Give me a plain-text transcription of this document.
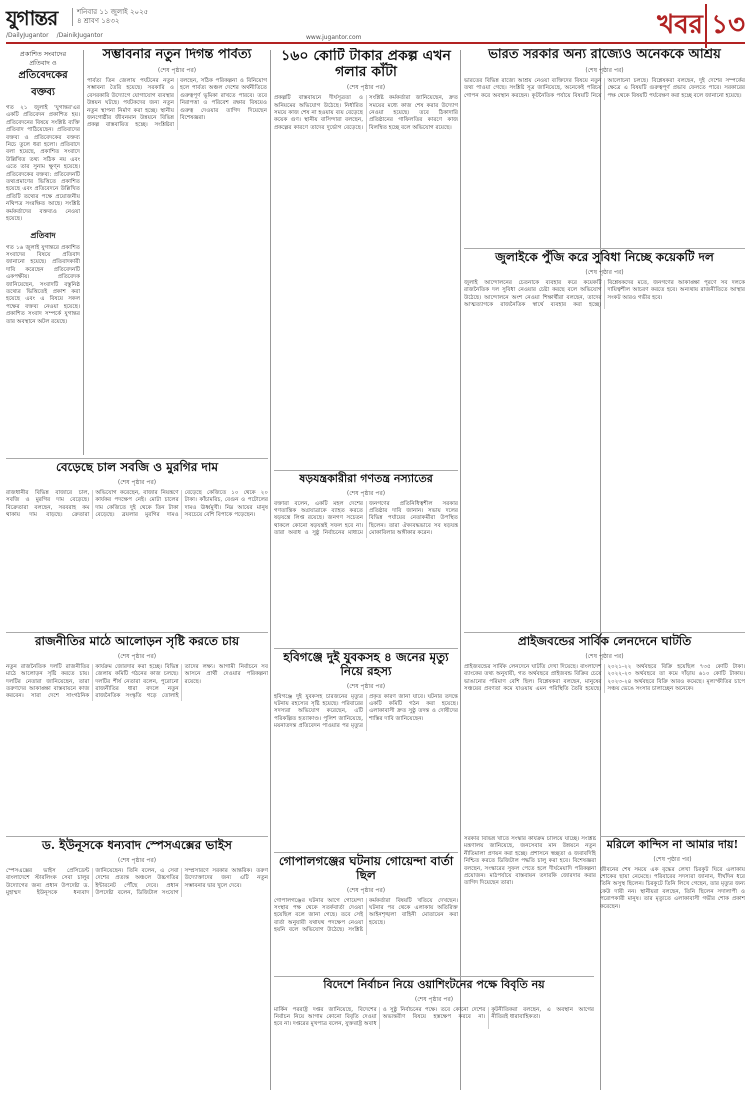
যুগান্তর	শনিবার ১১ জুলাই ২০২৫
৪ শ্রাবণ ১৪৩২
/DailyJugantor /DainikJugantor	www.jugantor.com	খবর ১৩
প্রকাশিত সংবাদের
প্রতিবাদ ও
প্রতিবেদকের বক্তব্য
গত ২১ জুলাই 'যুগান্তর'এর একটি প্রতিবেদন প্রকাশিত হয়। প্রতিবেদনের বিষয়ে সংশ্লিষ্ট ব্যক্তি প্রতিবাদ পাঠিয়েছেন। প্রতিবাদের বক্তব্য ও প্রতিবেদকের বক্তব্য নিচে তুলে ধরা হলো। প্রতিবাদে বলা হয়েছে, প্রকাশিত সংবাদে উল্লিখিত তথ্য সঠিক নয় এবং এতে তার সুনাম ক্ষুণ্ন হয়েছে। প্রতিবেদকের বক্তব্য: প্রতিবেদনটি তথ্যপ্রমাণের ভিত্তিতে প্রকাশিত হয়েছে এবং প্রতিবেদনে উল্লিখিত প্রতিটি তথ্যের পক্ষে প্রয়োজনীয় নথিপত্র সংরক্ষিত আছে। সংশ্লিষ্ট কর্মকর্তাদের বক্তব্যও নেওয়া হয়েছে।
প্রতিবাদ
গত ১৬ জুলাই যুগান্তরে প্রকাশিত সংবাদের বিষয়ে প্রতিবাদ জানানো হয়েছে। প্রতিবাদকারী দাবি করেছেন প্রতিবেদনটি একপক্ষীয়। প্রতিবেদক জানিয়েছেন, সংবাদটি বস্তুনিষ্ঠ তথ্যের ভিত্তিতেই প্রকাশ করা হয়েছে এবং এ বিষয়ে সকল পক্ষের বক্তব্য নেওয়া হয়েছে। প্রকাশিত সংবাদ সম্পর্কে যুগান্তর তার অবস্থানে অটল রয়েছে।
সম্ভাবনার নতুন দিগন্ত পার্বত্য
(শেষ পৃষ্ঠার পর)
পার্বত্য তিন জেলায় পর্যটনের নতুন সম্ভাবনা তৈরি হয়েছে। সরকারি ও বেসরকারি উদ্যোগে যোগাযোগ ব্যবস্থার উন্নয়ন ঘটছে। পর্যটকদের জন্য নতুন নতুন স্থাপনা নির্মাণ করা হচ্ছে। স্থানীয় জনগোষ্ঠীর জীবনমান উন্নয়নে বিভিন্ন প্রকল্প বাস্তবায়িত হচ্ছে। সংশ্লিষ্টরা বলছেন, সঠিক পরিকল্পনা ও বিনিয়োগ হলে পার্বত্য অঞ্চল দেশের অর্থনীতিতে গুরুত্বপূর্ণ ভূমিকা রাখতে পারবে। তবে নিরাপত্তা ও পরিবেশ রক্ষার বিষয়েও গুরুত্ব দেওয়ার তাগিদ দিয়েছেন বিশেষজ্ঞরা।
১৬০ কোটি টাকার প্রকল্প এখন গলার কাঁটা
(শেষ পৃষ্ঠার পর)
প্রকল্পটি বাস্তবায়নে দীর্ঘসূত্রতা ও অনিয়মের অভিযোগ উঠেছে। নির্ধারিত সময়ে কাজ শেষ না হওয়ায় ব্যয় বেড়েছে কয়েক গুণ। স্থানীয় বাসিন্দারা বলছেন, প্রকল্পের কারণে তাদের দুর্ভোগ বেড়েছে। সংশ্লিষ্ট কর্মকর্তারা জানিয়েছেন, দ্রুত সময়ের মধ্যে কাজ শেষ করার উদ্যোগ নেওয়া হয়েছে। তবে ঠিকাদারি প্রতিষ্ঠানের গাফিলতির কারণে কাজ বিলম্বিত হচ্ছে বলে অভিযোগ রয়েছে।
ভারত সরকার অন্য রাজ্যেও অনেককে আশ্রয়
(শেষ পৃষ্ঠার পর)
ভারতের বিভিন্ন রাজ্যে আশ্রয় নেওয়া ব্যক্তিদের বিষয়ে নতুন তথ্য পাওয়া গেছে। সংশ্লিষ্ট সূত্র জানিয়েছে, অনেকেই পরিচয় গোপন করে অবস্থান করছেন। কূটনৈতিক পর্যায়ে বিষয়টি নিয়ে আলোচনা চলছে। বিশ্লেষকরা বলছেন, দুই দেশের সম্পর্কের ক্ষেত্রে এ বিষয়টি গুরুত্বপূর্ণ প্রভাব ফেলতে পারে। সরকারের পক্ষ থেকে বিষয়টি পর্যবেক্ষণ করা হচ্ছে বলে জানানো হয়েছে।
জুলাইকে পুঁজি করে সুবিধা নিচ্ছে কয়েকটি দল
(শেষ পৃষ্ঠার পর)
জুলাই আন্দোলনের চেতনাকে ব্যবহার করে কয়েকটি রাজনৈতিক দল সুবিধা নেওয়ার চেষ্টা করছে বলে অভিযোগ উঠেছে। আন্দোলনে অংশ নেওয়া শিক্ষার্থীরা বলছেন, তাদের আত্মত্যাগকে রাজনৈতিক স্বার্থে ব্যবহার করা হচ্ছে। বিশ্লেষকদের মতে, জনগণের আকাঙ্ক্ষা পূরণে সব দলকে দায়িত্বশীল আচরণ করতে হবে। অন্যথায় রাজনীতিতে আস্থার সংকট আরও গভীর হবে।
ষড়যন্ত্রকারীরা গণতন্ত্র নস্যাতের
(শেষ পৃষ্ঠার পর)
বক্তারা বলেন, একটি মহল দেশের গণতান্ত্রিক অগ্রযাত্রাকে ব্যাহত করতে ষড়যন্ত্রে লিপ্ত রয়েছে। জনগণ সচেতন থাকলে কোনো ষড়যন্ত্রই সফল হবে না। তারা অবাধ ও সুষ্ঠু নির্বাচনের মাধ্যমে জনগণের প্রতিনিধিত্বশীল সরকার প্রতিষ্ঠার দাবি জানান। সভায় দলের বিভিন্ন পর্যায়ের নেতাকর্মীরা উপস্থিত ছিলেন। তারা ঐক্যবদ্ধভাবে সব ষড়যন্ত্র মোকাবিলার অঙ্গীকার করেন।
বেড়েছে চাল সবজি ও মুরগির দাম
(শেষ পৃষ্ঠার পর)
রাজধানীর বিভিন্ন বাজারে চাল, সবজি ও মুরগির দাম বেড়েছে। বিক্রেতারা বলছেন, সরবরাহ কম থাকায় দাম বাড়ছে। ক্রেতারা অভিযোগ করেছেন, বাজার নিয়ন্ত্রণে কার্যকর পদক্ষেপ নেই। মোটা চালের দাম কেজিতে দুই থেকে তিন টাকা বেড়েছে। ব্রয়লার মুরগির দামও বেড়েছে কেজিতে ১০ থেকে ২০ টাকা। কাঁচামরিচ, বেগুন ও পটোলের দামও ঊর্ধ্বমুখী। নিম্ন আয়ের মানুষ সবচেয়ে বেশি বিপাকে পড়েছেন।
রাজনীতির মাঠে আলোড়ন সৃষ্টি করতে চায়
(শেষ পৃষ্ঠার পর)
নতুন রাজনৈতিক দলটি রাজনীতির মাঠে আলোড়ন সৃষ্টি করতে চায়। দলটির নেতারা জানিয়েছেন, তারা তরুণদের আকাঙ্ক্ষা বাস্তবায়নে কাজ করবেন। সারা দেশে সাংগঠনিক কার্যক্রম জোরদার করা হচ্ছে। বিভিন্ন জেলায় কমিটি গঠনের কাজ চলছে। দলটির শীর্ষ নেতারা বলেন, পুরোনো রাজনীতির ধারা বদলে নতুন রাজনৈতিক সংস্কৃতি গড়ে তোলাই তাদের লক্ষ্য। আগামী নির্বাচনে সব আসনে প্রার্থী দেওয়ার পরিকল্পনা রয়েছে।
ড. ইউনূসকে ধন্যবাদ স্পেসএক্সের ভাইস
(শেষ পৃষ্ঠার পর)
স্পেসএক্সের ভাইস প্রেসিডেন্ট বাংলাদেশে স্টারলিংক সেবা চালুর উদ্যোগের জন্য প্রধান উপদেষ্টা ড. মুহাম্মদ ইউনূসকে ধন্যবাদ জানিয়েছেন। তিনি বলেন, এ সেবা দেশের প্রত্যন্ত অঞ্চলে উচ্চগতির ইন্টারনেট পৌঁছে দেবে। প্রধান উপদেষ্টা বলেন, ডিজিটাল সংযোগ সম্প্রসারণে সরকার আন্তরিক। তরুণ উদ্যোক্তাদের জন্য এটি নতুন সম্ভাবনার দ্বার খুলে দেবে।
হবিগঞ্জে দুই যুবকসহ ৪ জনের মৃত্যু নিয়ে রহস্য
(শেষ পৃষ্ঠার পর)
হবিগঞ্জে দুই যুবকসহ চারজনের মৃত্যুর ঘটনায় রহস্যের সৃষ্টি হয়েছে। পরিবারের সদস্যরা অভিযোগ করেছেন, এটি পরিকল্পিত হত্যাকাণ্ড। পুলিশ জানিয়েছে, ময়নাতদন্ত প্রতিবেদন পাওয়ার পর মৃত্যুর প্রকৃত কারণ জানা যাবে। ঘটনার তদন্তে একটি কমিটি গঠন করা হয়েছে। এলাকাবাসী দ্রুত সুষ্ঠু তদন্ত ও দোষীদের শাস্তির দাবি জানিয়েছেন।
গোপালগঞ্জের ঘটনায় গোয়েন্দা বার্তা ছিল
(শেষ পৃষ্ঠার পর)
গোপালগঞ্জের ঘটনার আগে গোয়েন্দা সংস্থার পক্ষ থেকে সতর্কবার্তা দেওয়া হয়েছিল বলে জানা গেছে। তবে সেই বার্তা অনুযায়ী যথাযথ পদক্ষেপ নেওয়া হয়নি বলে অভিযোগ উঠেছে। সংশ্লিষ্ট কর্মকর্তারা বিষয়টি খতিয়ে দেখছেন। ঘটনার পর থেকে এলাকায় অতিরিক্ত আইনশৃঙ্খলা বাহিনী মোতায়েন করা হয়েছে।
বিদেশে নির্বাচন নিয়ে ওয়াশিংটনের পক্ষে বিবৃতি নয়
(শেষ পৃষ্ঠার পর)
মার্কিন পররাষ্ট্র দপ্তর জানিয়েছে, বিদেশের নির্বাচন নিয়ে আগাম কোনো বিবৃতি দেওয়া হবে না। দপ্তরের মুখপাত্র বলেন, যুক্তরাষ্ট্র অবাধ ও সুষ্ঠু নির্বাচনের পক্ষে। তবে কোনো দেশের অভ্যন্তরীণ বিষয়ে হস্তক্ষেপ করবে না। কূটনীতিকরা বলছেন, এ অবস্থান আগের নীতিরই ধারাবাহিকতা।
প্রাইজবন্ডের সার্বিক লেনদেনে ঘাটতি
(শেষ পৃষ্ঠার পর)
প্রাইজবন্ডের সার্বিক লেনদেনে ঘাটতি দেখা দিয়েছে। বাংলাদেশ ব্যাংকের তথ্য অনুযায়ী, গত অর্থবছরে প্রাইজবন্ড বিক্রির চেয়ে ভাঙানোর পরিমাণ বেশি ছিল। বিশ্লেষকরা বলছেন, মানুষের সঞ্চয়ের প্রবণতা কমে যাওয়ায় এমন পরিস্থিতি তৈরি হয়েছে। ২০২১-২২ অর্থবছরে বিক্রি হয়েছিল ৭৩৫ কোটি টাকা। ২০২২-২৩ অর্থবছরে তা কমে দাঁড়ায় ৬১০ কোটি টাকায়। ২০২৩-২৪ অর্থবছরে বিক্রি আরও কমেছে। মূল্যস্ফীতির চাপে সঞ্চয় ভেঙে সংসার চালাচ্ছেন অনেকে।
মরিলে কান্দিস না আমার দায়!
(শেষ পৃষ্ঠার পর)
জীবনের শেষ সময়ে এক বৃদ্ধের লেখা চিরকুট ঘিরে এলাকায় শোকের ছায়া নেমেছে। পরিবারের সদস্যরা জানান, দীর্ঘদিন ধরে তিনি অসুস্থ ছিলেন। চিরকুটে তিনি লিখে গেছেন, তার মৃত্যুর জন্য কেউ দায়ী নন। স্থানীয়রা বলছেন, তিনি ছিলেন সদালাপী ও পরোপকারী মানুষ। তার মৃত্যুতে এলাকাবাসী গভীর শোক প্রকাশ করেছেন।
সরকার বিভিন্ন খাতে সংস্কার কার্যক্রম চালিয়ে যাচ্ছে। সংশ্লিষ্ট মন্ত্রণালয় জানিয়েছে, জনসেবার মান উন্নয়নে নতুন নীতিমালা প্রণয়ন করা হচ্ছে। প্রশাসনে স্বচ্ছতা ও জবাবদিহি নিশ্চিত করতে ডিজিটাল পদ্ধতি চালু করা হবে। বিশেষজ্ঞরা বলছেন, সংস্কারের সুফল পেতে হলে দীর্ঘমেয়াদি পরিকল্পনা প্রয়োজন। মাঠপর্যায়ে বাস্তবায়ন তদারকি জোরদার করার তাগিদ দিয়েছেন তারা।
